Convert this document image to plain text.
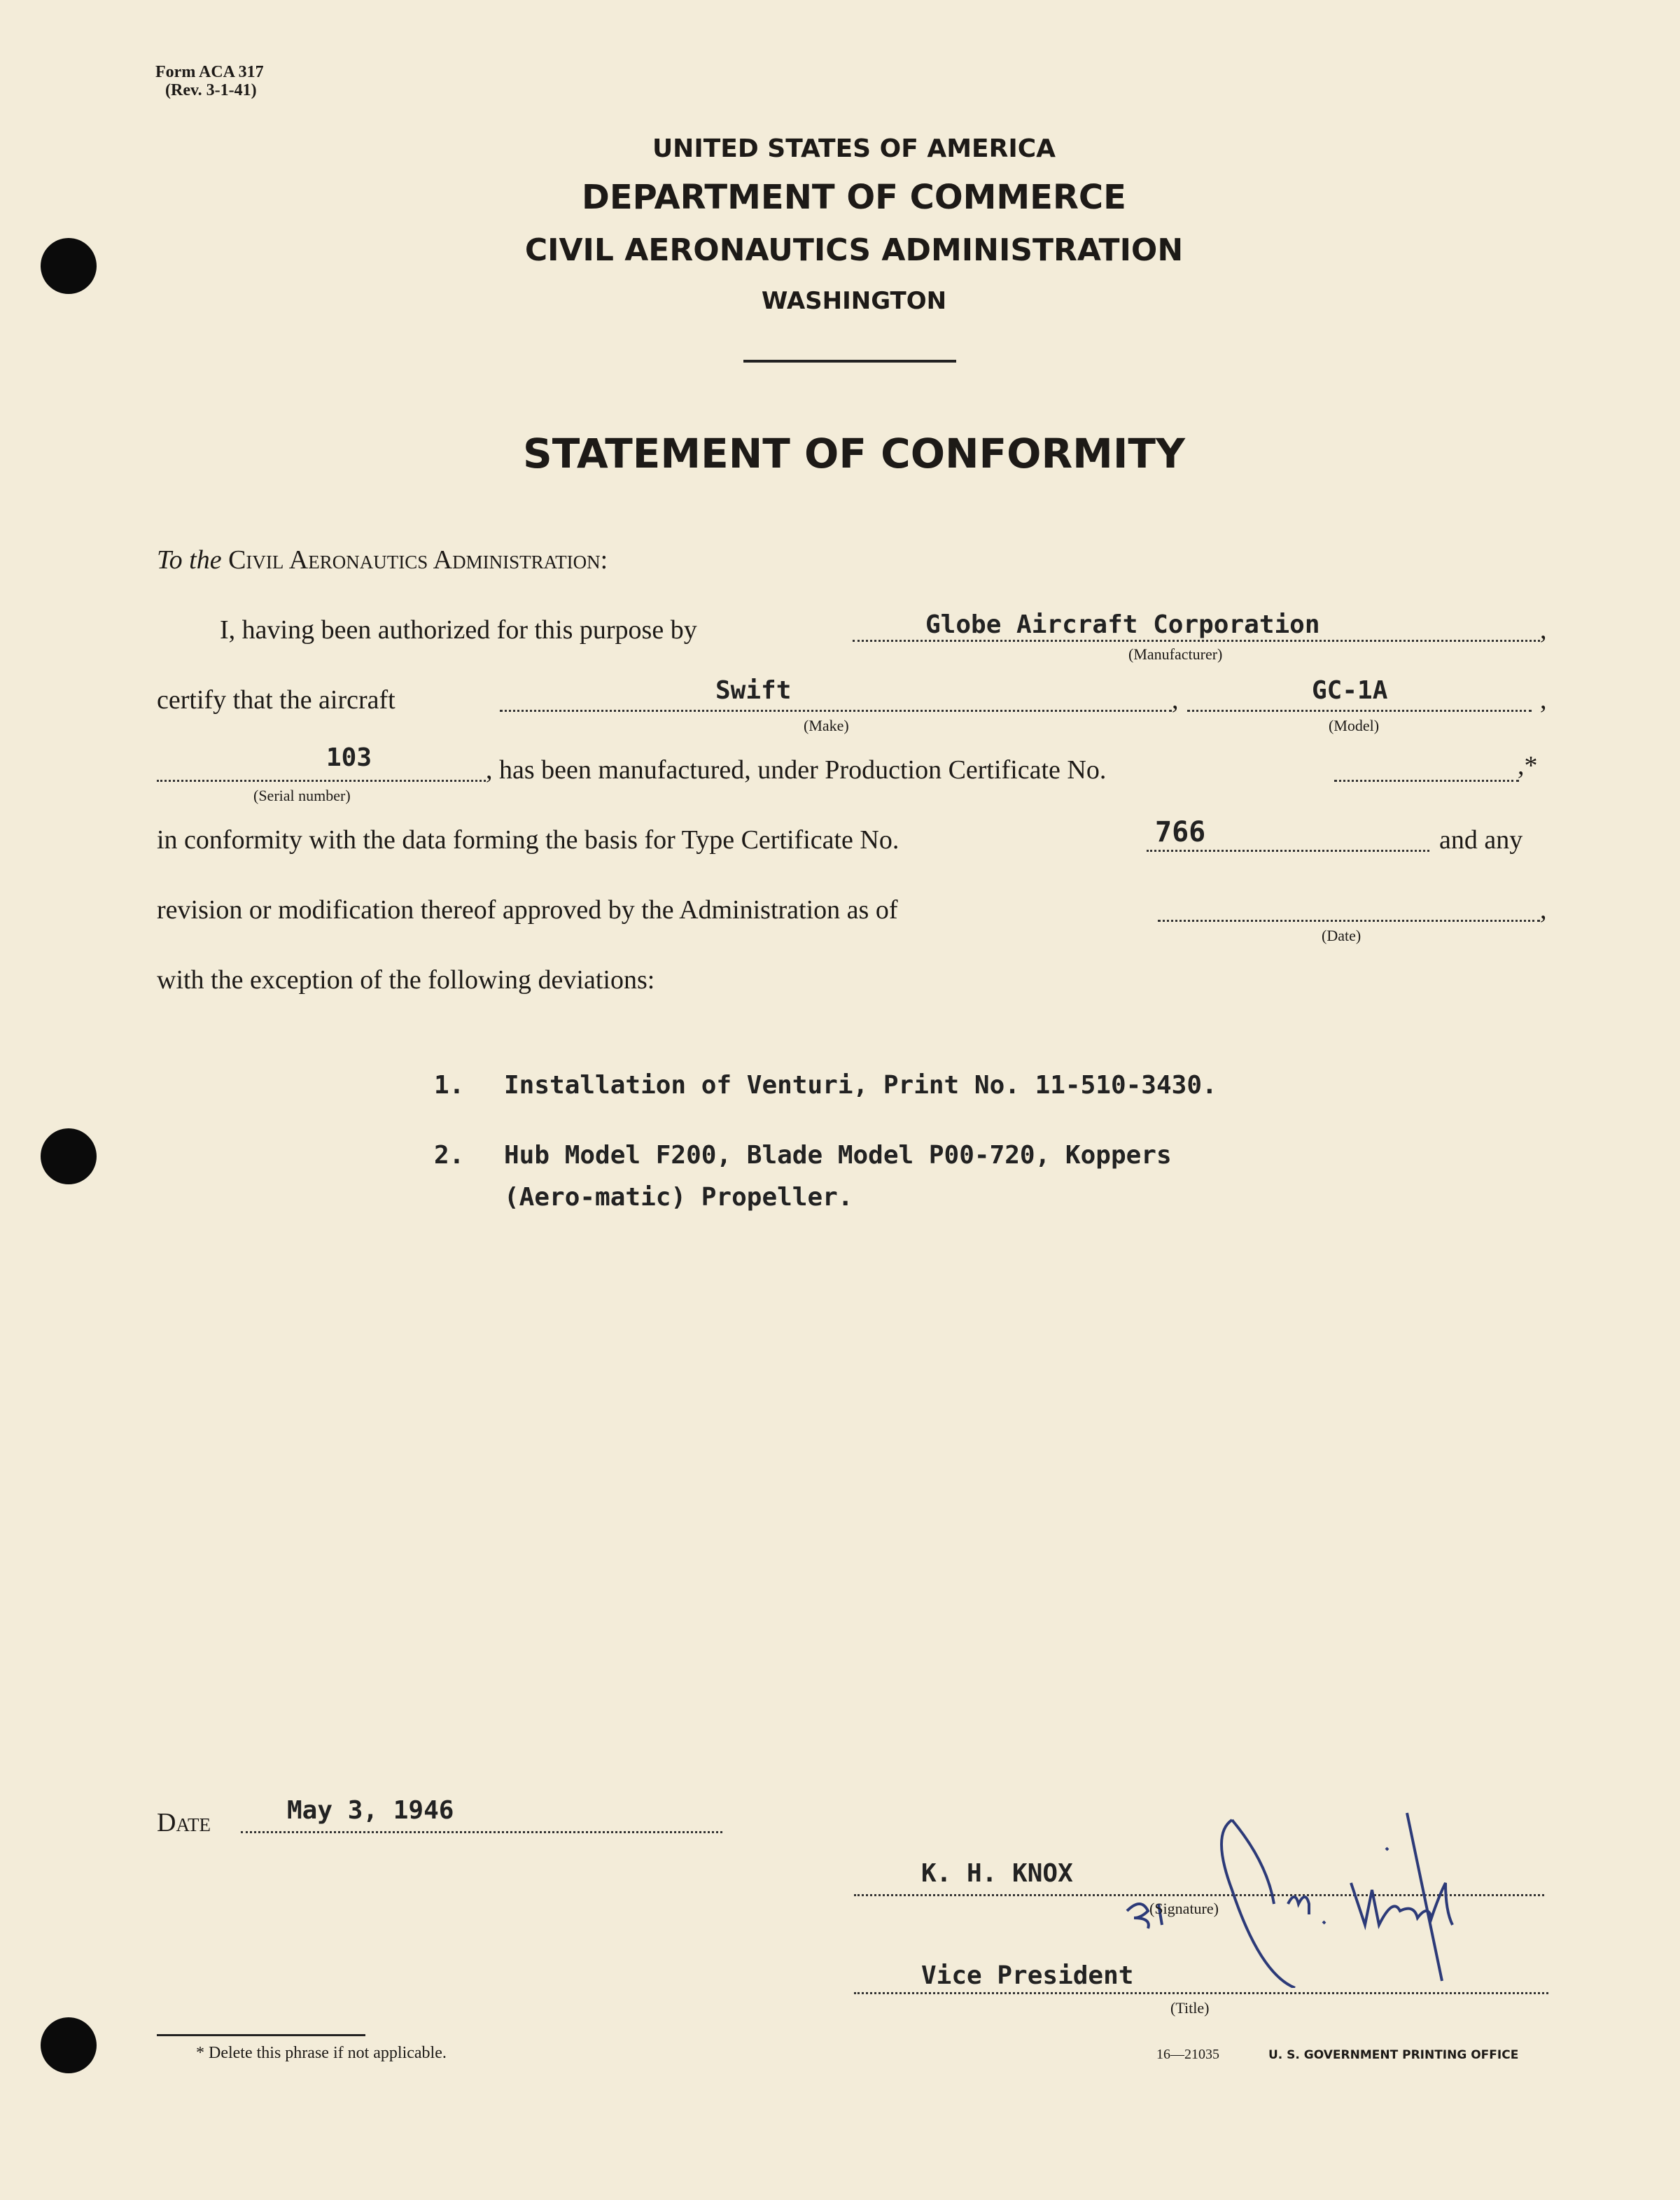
Form ACA 317
(Rev. 3-1-41)
UNITED STATES OF AMERICA
DEPARTMENT OF COMMERCE
CIVIL AERONAUTICS ADMINISTRATION
WASHINGTON
STATEMENT OF CONFORMITY
To the Civil Aeronautics Administration:
I, having been authorized for this purpose by	Globe Aircraft Corporation	,
(Manufacturer)
certify that the aircraft	Swift	,	GC-1A	,
(Make)	(Model)
103	, has been manufactured, under Production Certificate No.	,*
(Serial number)
in conformity with the data forming the basis for Type Certificate No.	766	and any
revision or modification thereof approved by the Administration as of	,
(Date)
with the exception of the following deviations:
1. Installation of Venturi, Print No. 11-510-3430.
2. Hub Model F200, Blade Model P00-720, Koppers
(Aero-matic) Propeller.
Date	May 3, 1946
K. H. KNOX
(Signature)
Vice President
(Title)
* Delete this phrase if not applicable.	16—21035	U. S. GOVERNMENT PRINTING OFFICE
